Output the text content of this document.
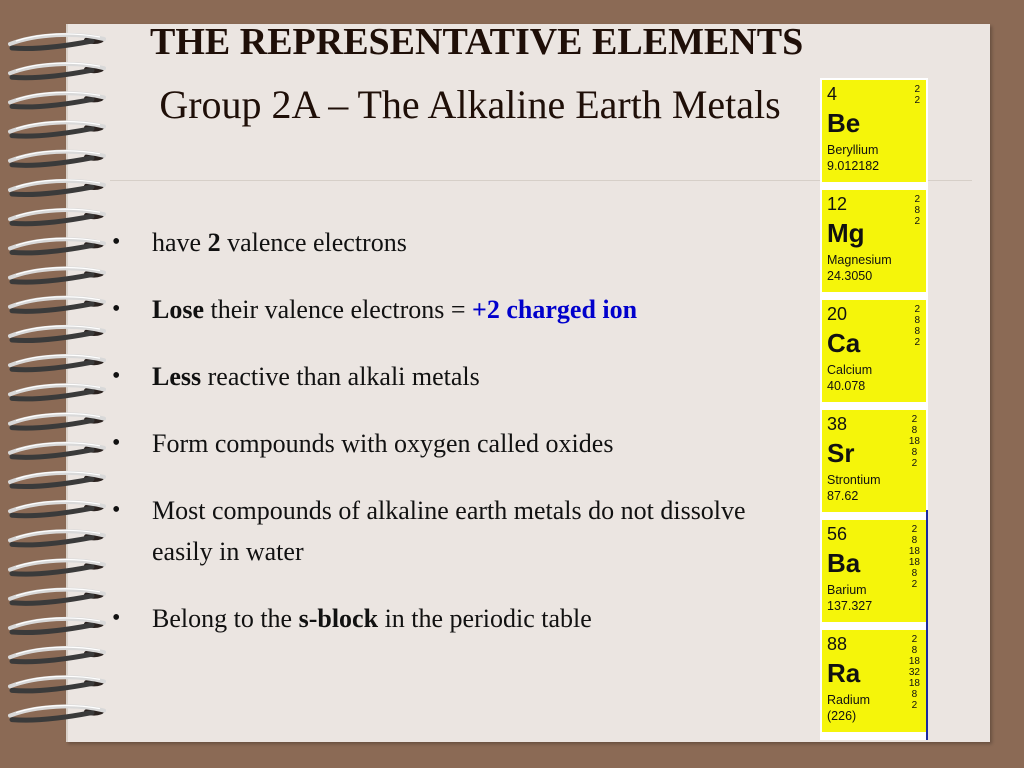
THE REPRESENTATIVE ELEMENTS
Group 2A – The Alkaline Earth Metals
• have 2 valence electrons
• Lose their valence electrons = +2 charged ion
• Less reactive than alkali metals
• Form compounds with oxygen called oxides
• Most compounds of alkaline earth metals do not dissolve easily in water
• Belong to the s-block in the periodic table
4
Be
Beryllium
9.012182
2
2
12
Mg
Magnesium
24.3050
2
8
2
20
Ca
Calcium
40.078
2
8
8
2
38
Sr
Strontium
87.62
2
8
18
8
2
56
Ba
Barium
137.327
2
8
18
18
8
2
88
Ra
Radium
(226)
2
8
18
32
18
8
2
